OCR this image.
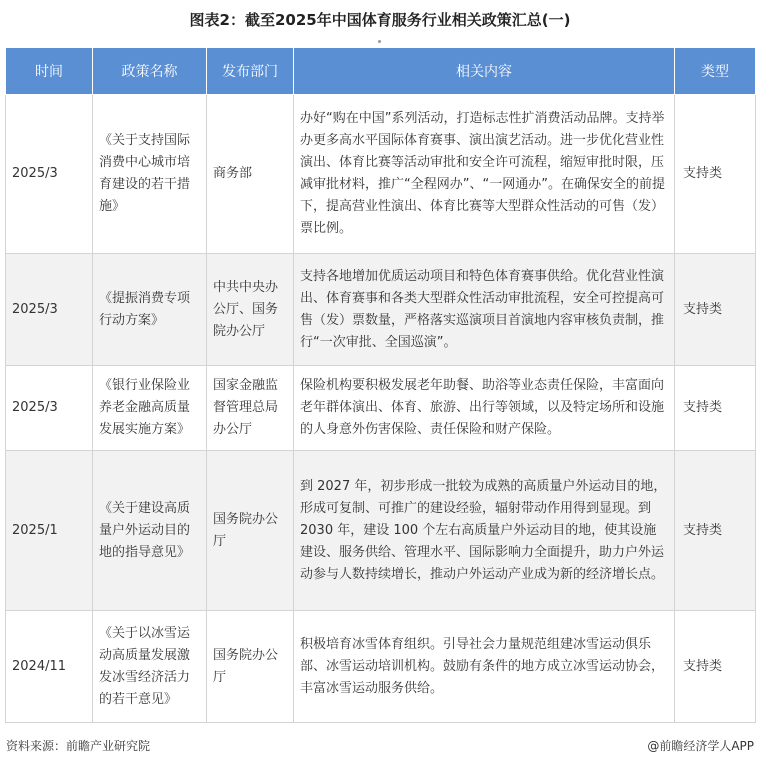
图表2：截至2025年中国体育服务行业相关政策汇总(一)
时间	政策名称	发布部门	相关内容	类型
2025/3	《关于支持国际消费中心城市培育建设的若干措施》	商务部	办好“购在中国”系列活动，打造标志性扩消费活动品牌。支持举办更多高水平国际体育赛事、演出演艺活动。进一步优化营业性演出、体育比赛等活动审批和安全许可流程，缩短审批时限，压减审批材料，推广“全程网办”、“一网通办”。在确保安全的前提下，提高营业性演出、体育比赛等大型群众性活动的可售（发）票比例。	支持类
2025/3	《提振消费专项行动方案》	中共中央办公厅、国务院办公厅	支持各地增加优质运动项目和特色体育赛事供给。优化营业性演出、体育赛事和各类大型群众性活动审批流程，安全可控提高可售（发）票数量，严格落实巡演项目首演地内容审核负责制，推行“一次审批、全国巡演”。	支持类
2025/3	《银行业保险业养老金融高质量发展实施方案》	国家金融监督管理总局办公厅	保险机构要积极发展老年助餐、助浴等业态责任保险，丰富面向老年群体演出、体育、旅游、出行等领域，以及特定场所和设施的人身意外伤害保险、责任保险和财产保险。	支持类
2025/1	《关于建设高质量户外运动目的地的指导意见》	国务院办公厅	到 2027 年，初步形成一批较为成熟的高质量户外运动目的地，形成可复制、可推广的建设经验，辐射带动作用得到显现。到 2030 年，建设 100 个左右高质量户外运动目的地，使其设施建设、服务供给、管理水平、国际影响力全面提升，助力户外运动参与人数持续增长，推动户外运动产业成为新的经济增长点。	支持类
2024/11	《关于以冰雪运动高质量发展激发冰雪经济活力的若干意见》	国务院办公厅	积极培育冰雪体育组织。引导社会力量规范组建冰雪运动俱乐部、冰雪运动培训机构。鼓励有条件的地方成立冰雪运动协会，丰富冰雪运动服务供给。	支持类
资料来源：前瞻产业研究院	@前瞻经济学人APP
